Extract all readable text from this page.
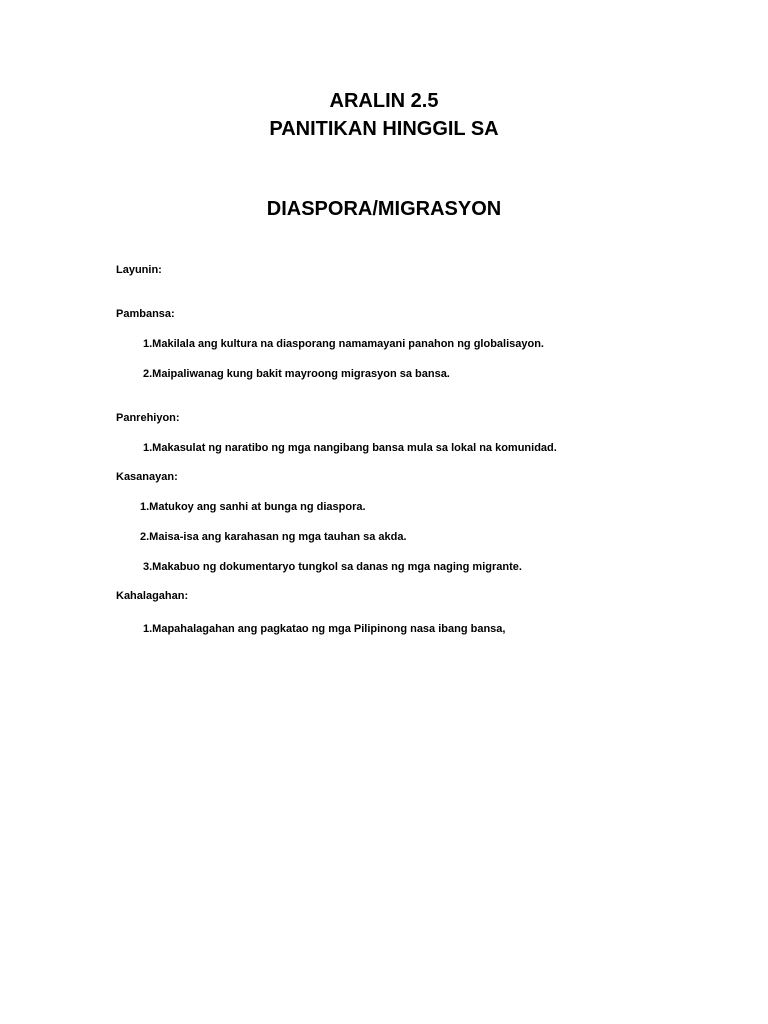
ARALIN 2.5
PANITIKAN HINGGIL SA
DIASPORA/MIGRASYON
Layunin:
Pambansa:
1.Makilala ang kultura na diasporang namamayani panahon ng globalisayon.
2.Maipaliwanag kung bakit mayroong migrasyon sa bansa.
Panrehiyon:
1.Makasulat ng naratibo ng mga nangibang bansa mula sa lokal na komunidad.
Kasanayan:
1.Matukoy ang sanhi at bunga ng diaspora.
2.Maisa-isa ang karahasan ng mga tauhan sa akda.
3.Makabuo ng dokumentaryo tungkol sa danas ng mga naging migrante.
Kahalagahan:
1.Mapahalagahan ang pagkatao ng mga Pilipinong nasa ibang bansa,
